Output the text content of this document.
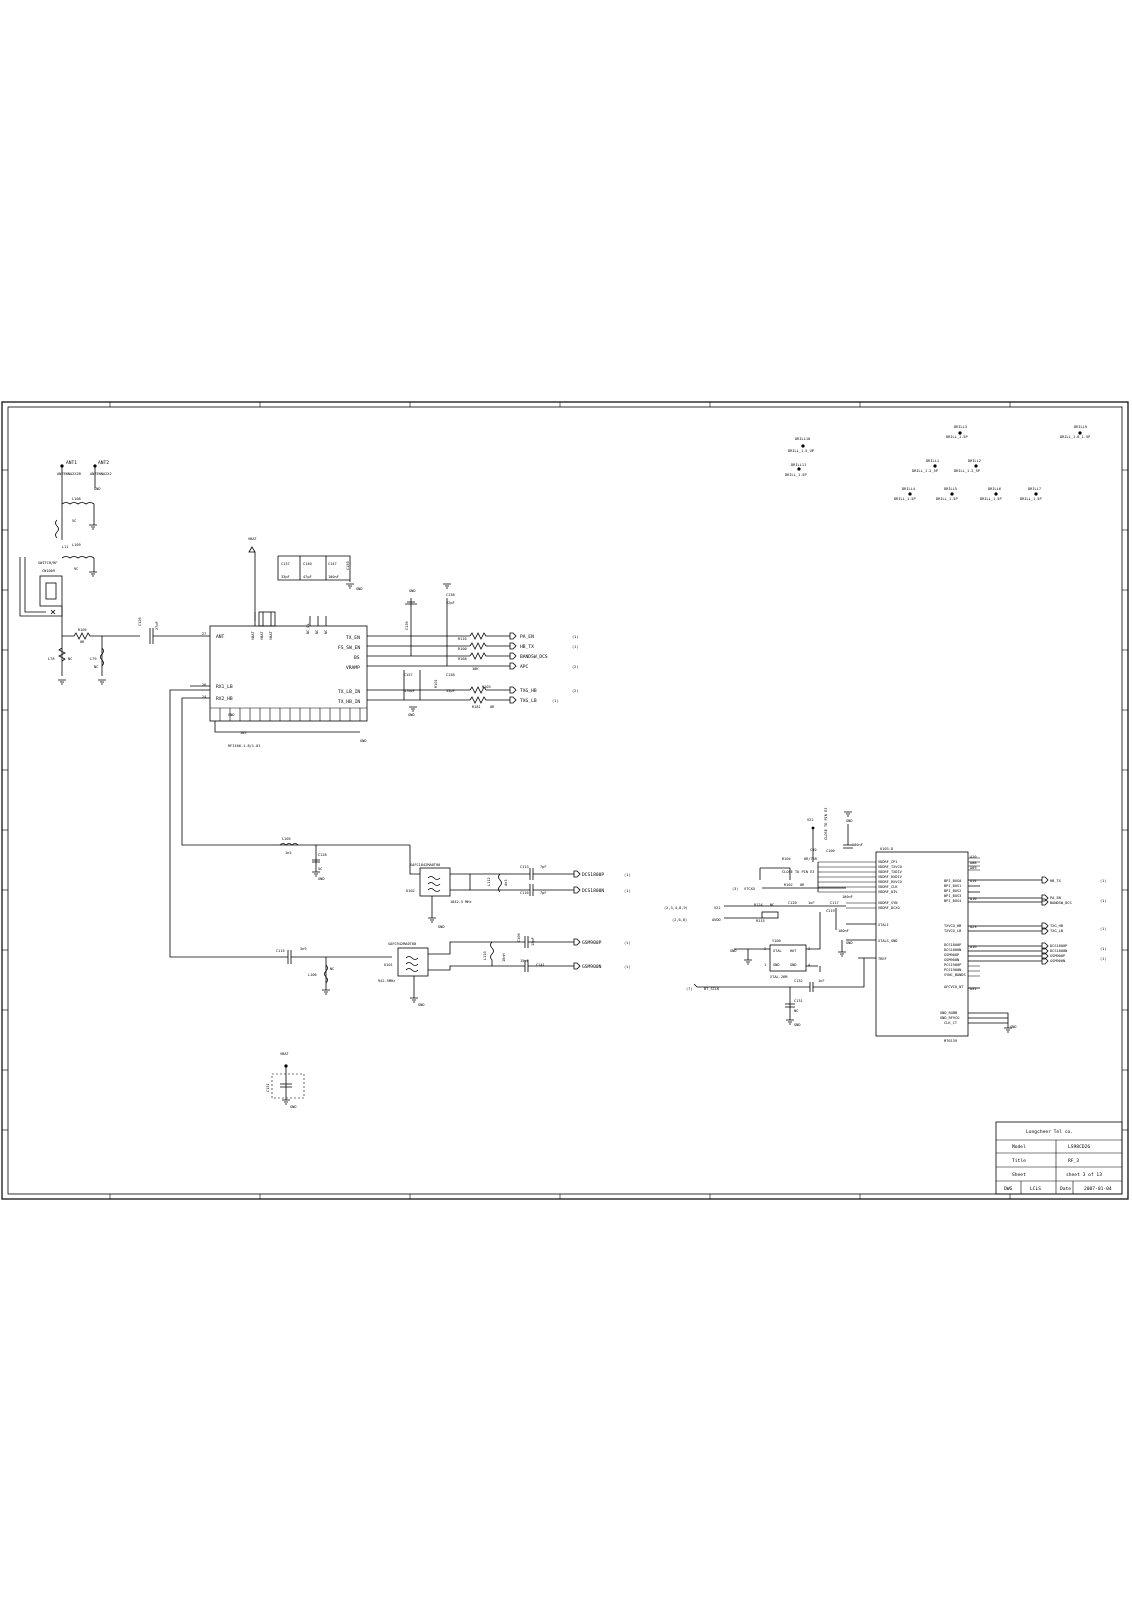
Longcheer Tel co.
Model	LS98CD26
Title	RF_3
Sheet	sheet 3 of 13
DWG	LCLS	Date	2007-01-04
ANT1
ANTENNA2X2B
ANT2
ANTENNA2X2
GND
L108
5C
L11 L109
9C
SWITCH/RF
CN1009
R105
0R
L78	L79
NC
NC
C126	27pF
VBAT
ANT
27
RX1_LB
RX2_HB
26
24
VBAT VBAT VBAT
NC_DL NC NC
TX_EN
FS_SW_EN
BS
VRAMP
TX_LB_IN
TX_HB_IN
GND
105
RF3166-1-8/1-01
GND
C137	C140	C147	C150
33pF	47pF	100nF
GND	GND
C136
C138
22pF
C157
470pF
C158
33pF
R101
GND
R116
R100
R168
R103
R181
10K
0R
PA_EN
HB_TX
BANDSW_DCS
APC
TXG_HB
TXG_LB
(1)
(1)
(2)
(2)
(1)
L105
1n5	C128
5C
GND
SAFC1842MA0T00
U102
1842.5 MHz
GND
L112	4n3
C113	7pF
C116	7pF
DCS1800P
DCS1800N
(1)
(1)
C115	3n9
L106
NC
SAFC942MA0T00
U101
942.5MHz
GND
L110	10nH
C106	15pF
C141
15pF
GSM900P
GSM900N
(1)
(1)
U103-D
MT6139
VDDRF_CP1
VDDRF_TXVCO
VDDRF_TXDIV
VDDRF_RXDIV
VDDRF_RXVCO
VDDRF_CLK
VDDRF_DIV
VDDRF_SYN
VDDRF_DCXO
XTALI
XTALS_GND
TREF
V22	GND
100nF
C100
CLOSE TO PIN E3
C30
R104	0R/75R
CLOSE TO PIN E3
(3) VTCXO
R102 0R
100nF
(2,3,4,8,9)
(2,6,8)
V22
AVDD
R124 NC	C120	1uF
R115
C119
C117
100nF
GND
BPI_BUS0
BPI_BUS1
BPI_BUS2
BPI_BUS3
BPI_BUS4
TXVCO_HB
TXVCO_LB
DCS1800P
DCS1800N
GSM900P
GSM900N
PCS1900P
PCS1900N
SYNC_BANDS
AFCVCO_NT
GND_RXBB
GND_RFVCO
CLK_CT
A10
A08
A09
GND
A14
A10
A23
A16
A31
HB_TX
PA_EN
BANDSW_DCS
TXG_HB
TXG_LB
DCS1800P
DCS1800N
GSM900P
GSM900N
(1)
(1)
(1)
(1)
(1)
Y100
XTAL HOT
GND	GND
2
1
3
4
XTAL-26M
GND
(7)	BT_SCLK
C132	1nF
C131
NC
GND
DRILL10
DRILL_1.5_UP
DRILL11
DRILL_1.5P
DRILL3
DRILL_1.5P
DRILL9
DRILL_1.8_1.5P
DRILL1
DRILL_1.2_5P
DRILL2
DRILL_1.2_5P
DRILL4
DRILL_1.5P
DRILL5
DRILL_1.5P
DRILL6
DRILL_1.5P
DRILL7
DRILL_1.5P
VBAT
C151
GND
